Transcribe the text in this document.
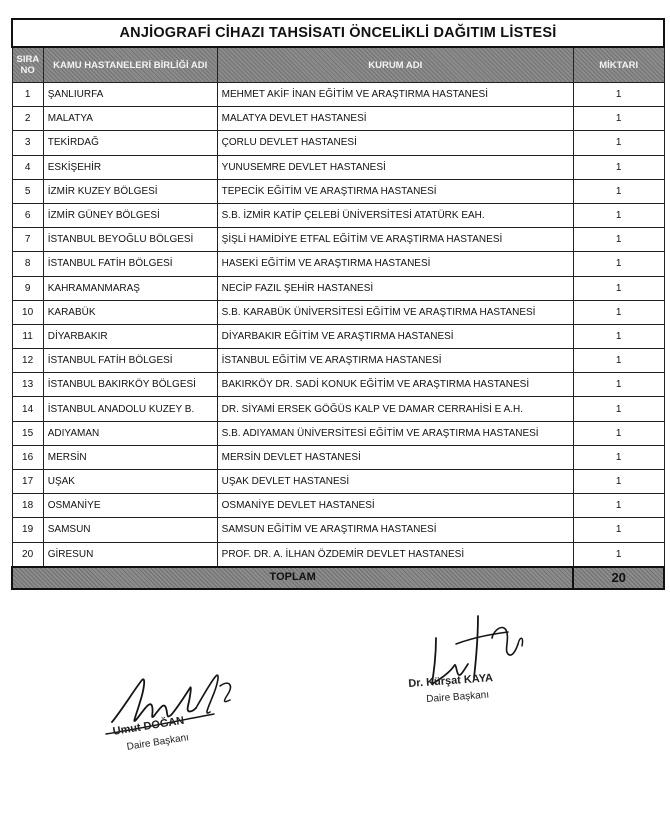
ANJİOGRAFİ CİHAZI TAHSİSATI ÖNCELİKLİ DAĞITIM LİSTESİ			
SIRA NO	KAMU HASTANELERİ BİRLİĞİ ADI	KURUM ADI	MİKTARI
1	ŞANLIURFA	MEHMET AKİF İNAN EĞİTİM VE ARAŞTIRMA HASTANESİ	1
2	MALATYA	MALATYA DEVLET HASTANESİ	1
3	TEKİRDAĞ	ÇORLU DEVLET HASTANESİ	1
4	ESKİŞEHİR	YUNUSEMRE DEVLET HASTANESİ	1
5	İZMİR KUZEY BÖLGESİ	TEPECİK EĞİTİM VE ARAŞTIRMA HASTANESİ	1
6	İZMİR GÜNEY BÖLGESİ	S.B. İZMİR KATİP ÇELEBİ ÜNİVERSİTESİ ATATÜRK EAH.	1
7	İSTANBUL BEYOĞLU BÖLGESİ	ŞİŞLİ HAMİDİYE ETFAL EĞİTİM VE ARAŞTIRMA HASTANESİ	1
8	İSTANBUL FATİH BÖLGESİ	HASEKİ EĞİTİM VE ARAŞTIRMA HASTANESİ	1
9	KAHRAMANMARAŞ	NECİP FAZIL ŞEHİR HASTANESİ	1
10	KARABÜK	S.B. KARABÜK ÜNİVERSİTESİ EĞİTİM VE ARAŞTIRMA HASTANESİ	1
11	DİYARBAKIR	DİYARBAKIR EĞİTİM VE ARAŞTIRMA HASTANESİ	1
12	İSTANBUL FATİH BÖLGESİ	İSTANBUL EĞİTİM VE ARAŞTIRMA HASTANESİ	1
13	İSTANBUL BAKIRKÖY BÖLGESİ	BAKIRKÖY DR. SADİ KONUK EĞİTİM VE ARAŞTIRMA HASTANESİ	1
14	İSTANBUL ANADOLU KUZEY B.	DR. SİYAMİ ERSEK GÖĞÜS KALP VE DAMAR CERRAHİSİ E A.H.	1
15	ADIYAMAN	S.B. ADIYAMAN ÜNİVERSİTESİ EĞİTİM VE ARAŞTIRMA HASTANESİ	1
16	MERSİN	MERSİN DEVLET HASTANESİ	1
17	UŞAK	UŞAK DEVLET HASTANESİ	1
18	OSMANİYE	OSMANİYE DEVLET HASTANESİ	1
19	SAMSUN	SAMSUN EĞİTİM VE ARAŞTIRMA HASTANESİ	1
20	GİRESUN	PROF. DR. A. İLHAN ÖZDEMİR DEVLET HASTANESİ	1
TOPLAM			20
Umut DOĞAN
Daire Başkanı
Dr. Kürşat KAYA
Daire Başkanı
